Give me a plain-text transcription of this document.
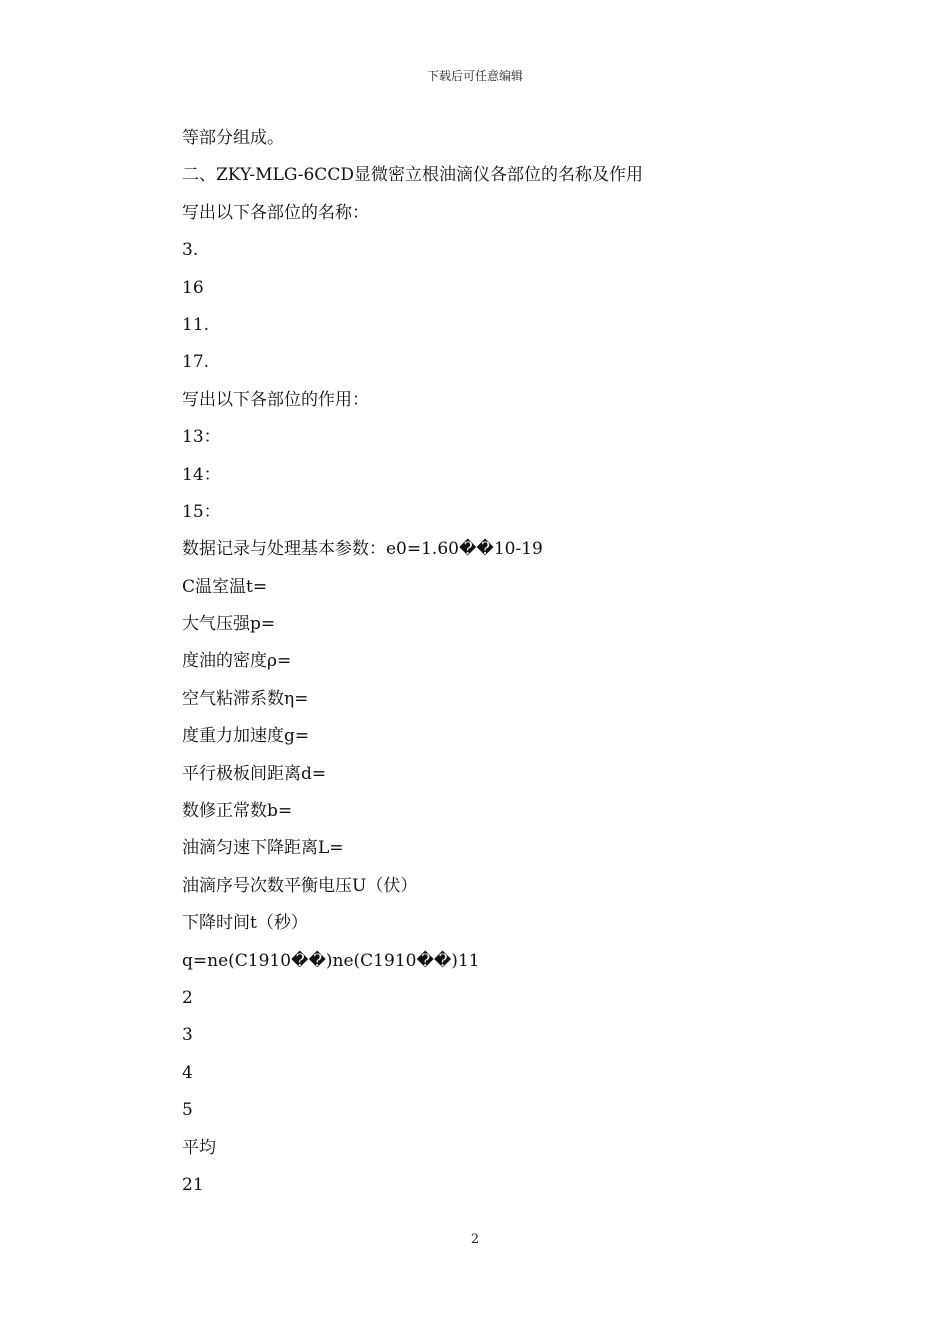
下载后可任意编辑
等部分组成。
二、ZKY-MLG-6CCD显微密立根油滴仪各部位的名称及作用
写出以下各部位的名称：
3.
16
11.
17.
写出以下各部位的作用：
13：
14：
15：
数据记录与处理基本参数：e0=1.60��10-19
C温室温t=
大气压强p=
度油的密度ρ=
空气粘滞系数η=
度重力加速度g=
平行极板间距离d=
数修正常数b=
油滴匀速下降距离L=
油滴序号次数平衡电压U（伏）
下降时间t（秒）
q=ne(C1910��)ne(C1910��)11
2
3
4
5
平均
21
2
